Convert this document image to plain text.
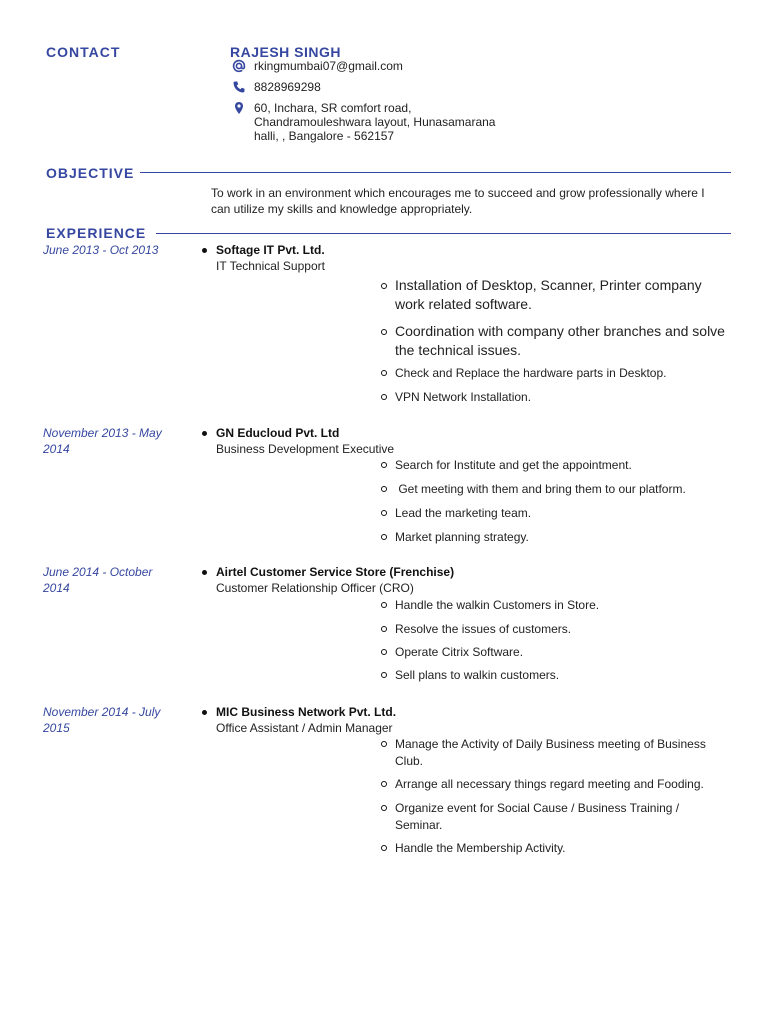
CONTACT	RAJESH SINGH
rkingmumbai07@gmail.com
8828969298
60, Inchara, SR comfort road,
Chandramouleshwara layout, Hunasamarana
halli, , Bangalore - 562157
OBJECTIVE
To work in an environment which encourages me to succeed and grow professionally where I
can utilize my skills and knowledge appropriately.
EXPERIENCE
June 2013 - Oct 2013	Softage IT Pvt. Ltd.
IT Technical Support
Installation of Desktop, Scanner, Printer company
work related software.
Coordination with company other branches and solve
the technical issues.
Check and Replace the hardware parts in Desktop.
VPN Network Installation.
November 2013 - May
2014
GN Educloud Pvt. Ltd
Business Development Executive
Search for Institute and get the appointment.
Get meeting with them and bring them to our platform.
Lead the marketing team.
Market planning strategy.
June 2014 - October
2014
Airtel Customer Service Store (Frenchise)
Customer Relationship Officer (CRO)
Handle the walkin Customers in Store.
Resolve the issues of customers.
Operate Citrix Software.
Sell plans to walkin customers.
November 2014 - July
2015
MIC Business Network Pvt. Ltd.
Office Assistant / Admin Manager
Manage the Activity of Daily Business meeting of Business
Club.
Arrange all necessary things regard meeting and Fooding.
Organize event for Social Cause / Business Training /
Seminar.
Handle the Membership Activity.
